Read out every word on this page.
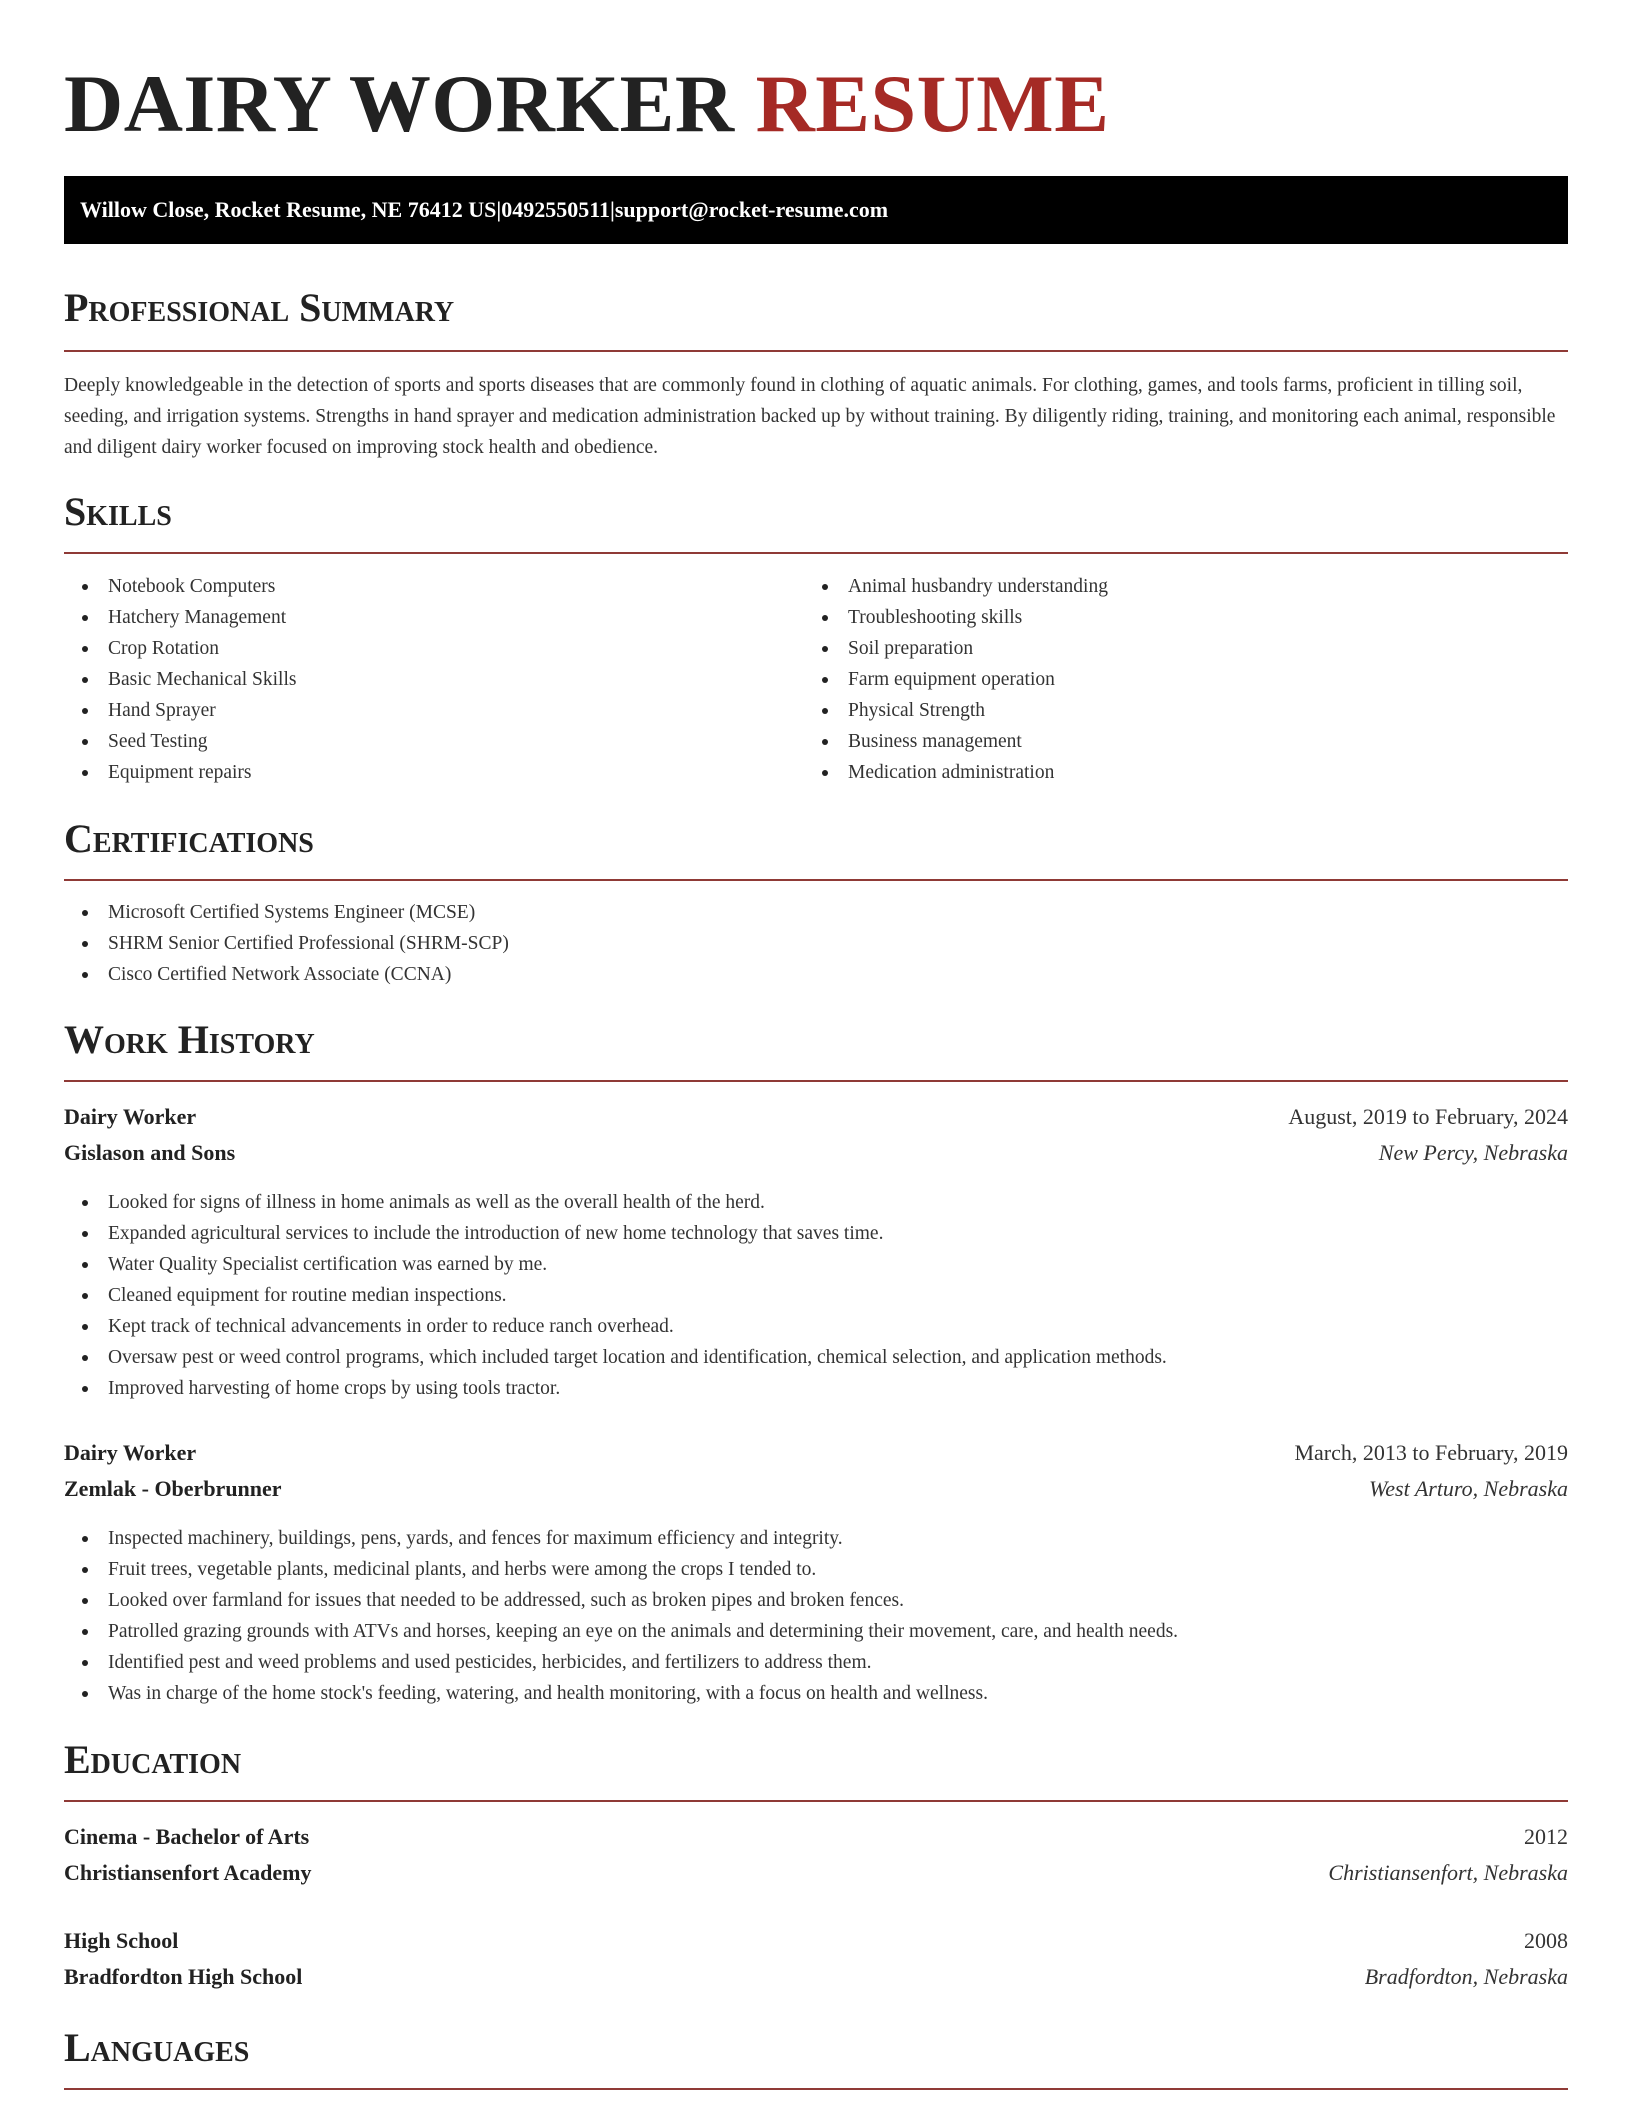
DAIRY WORKER RESUME
Willow Close, Rocket Resume, NE 76412 US | 0492550511 | support@rocket-resume.com
Professional Summary

Deeply knowledgeable in the detection of sports and sports diseases that are commonly found in clothing of aquatic animals. For clothing, games, and tools farms, proficient in tilling soil, seeding, and irrigation systems. Strengths in hand sprayer and medication administration backed up by without training. By diligently riding, training, and monitoring each animal, responsible and diligent dairy worker focused on improving stock health and obedience.

Skills
Notebook Computers
Hatchery Management
Crop Rotation
Basic Mechanical Skills
Hand Sprayer
Seed Testing
Equipment repairs
Animal husbandry understanding
Troubleshooting skills
Soil preparation
Farm equipment operation
Physical Strength
Business management
Medication administration
Certifications
Microsoft Certified Systems Engineer (MCSE)
SHRM Senior Certified Professional (SHRM-SCP)
Cisco Certified Network Associate (CCNA)
Work History
Dairy Worker	August, 2019 to February, 2024
Gislason and Sons	New Percy, Nebraska
Looked for signs of illness in home animals as well as the overall health of the herd.
Expanded agricultural services to include the introduction of new home technology that saves time.
Water Quality Specialist certification was earned by me.
Cleaned equipment for routine median inspections.
Kept track of technical advancements in order to reduce ranch overhead.
Oversaw pest or weed control programs, which included target location and identification, chemical selection, and application methods.
Improved harvesting of home crops by using tools tractor.
Dairy Worker	March, 2013 to February, 2019
Zemlak - Oberbrunner	West Arturo, Nebraska
Inspected machinery, buildings, pens, yards, and fences for maximum efficiency and integrity.
Fruit trees, vegetable plants, medicinal plants, and herbs were among the crops I tended to.
Looked over farmland for issues that needed to be addressed, such as broken pipes and broken fences.
Patrolled grazing grounds with ATVs and horses, keeping an eye on the animals and determining their movement, care, and health needs.
Identified pest and weed problems and used pesticides, herbicides, and fertilizers to address them.
Was in charge of the home stock's feeding, watering, and health monitoring, with a focus on health and wellness.
Education
Cinema - Bachelor of Arts	2012
Christiansenfort Academy	Christiansenfort, Nebraska
High School	2008
Bradfordton High School	Bradfordton, Nebraska
Languages
